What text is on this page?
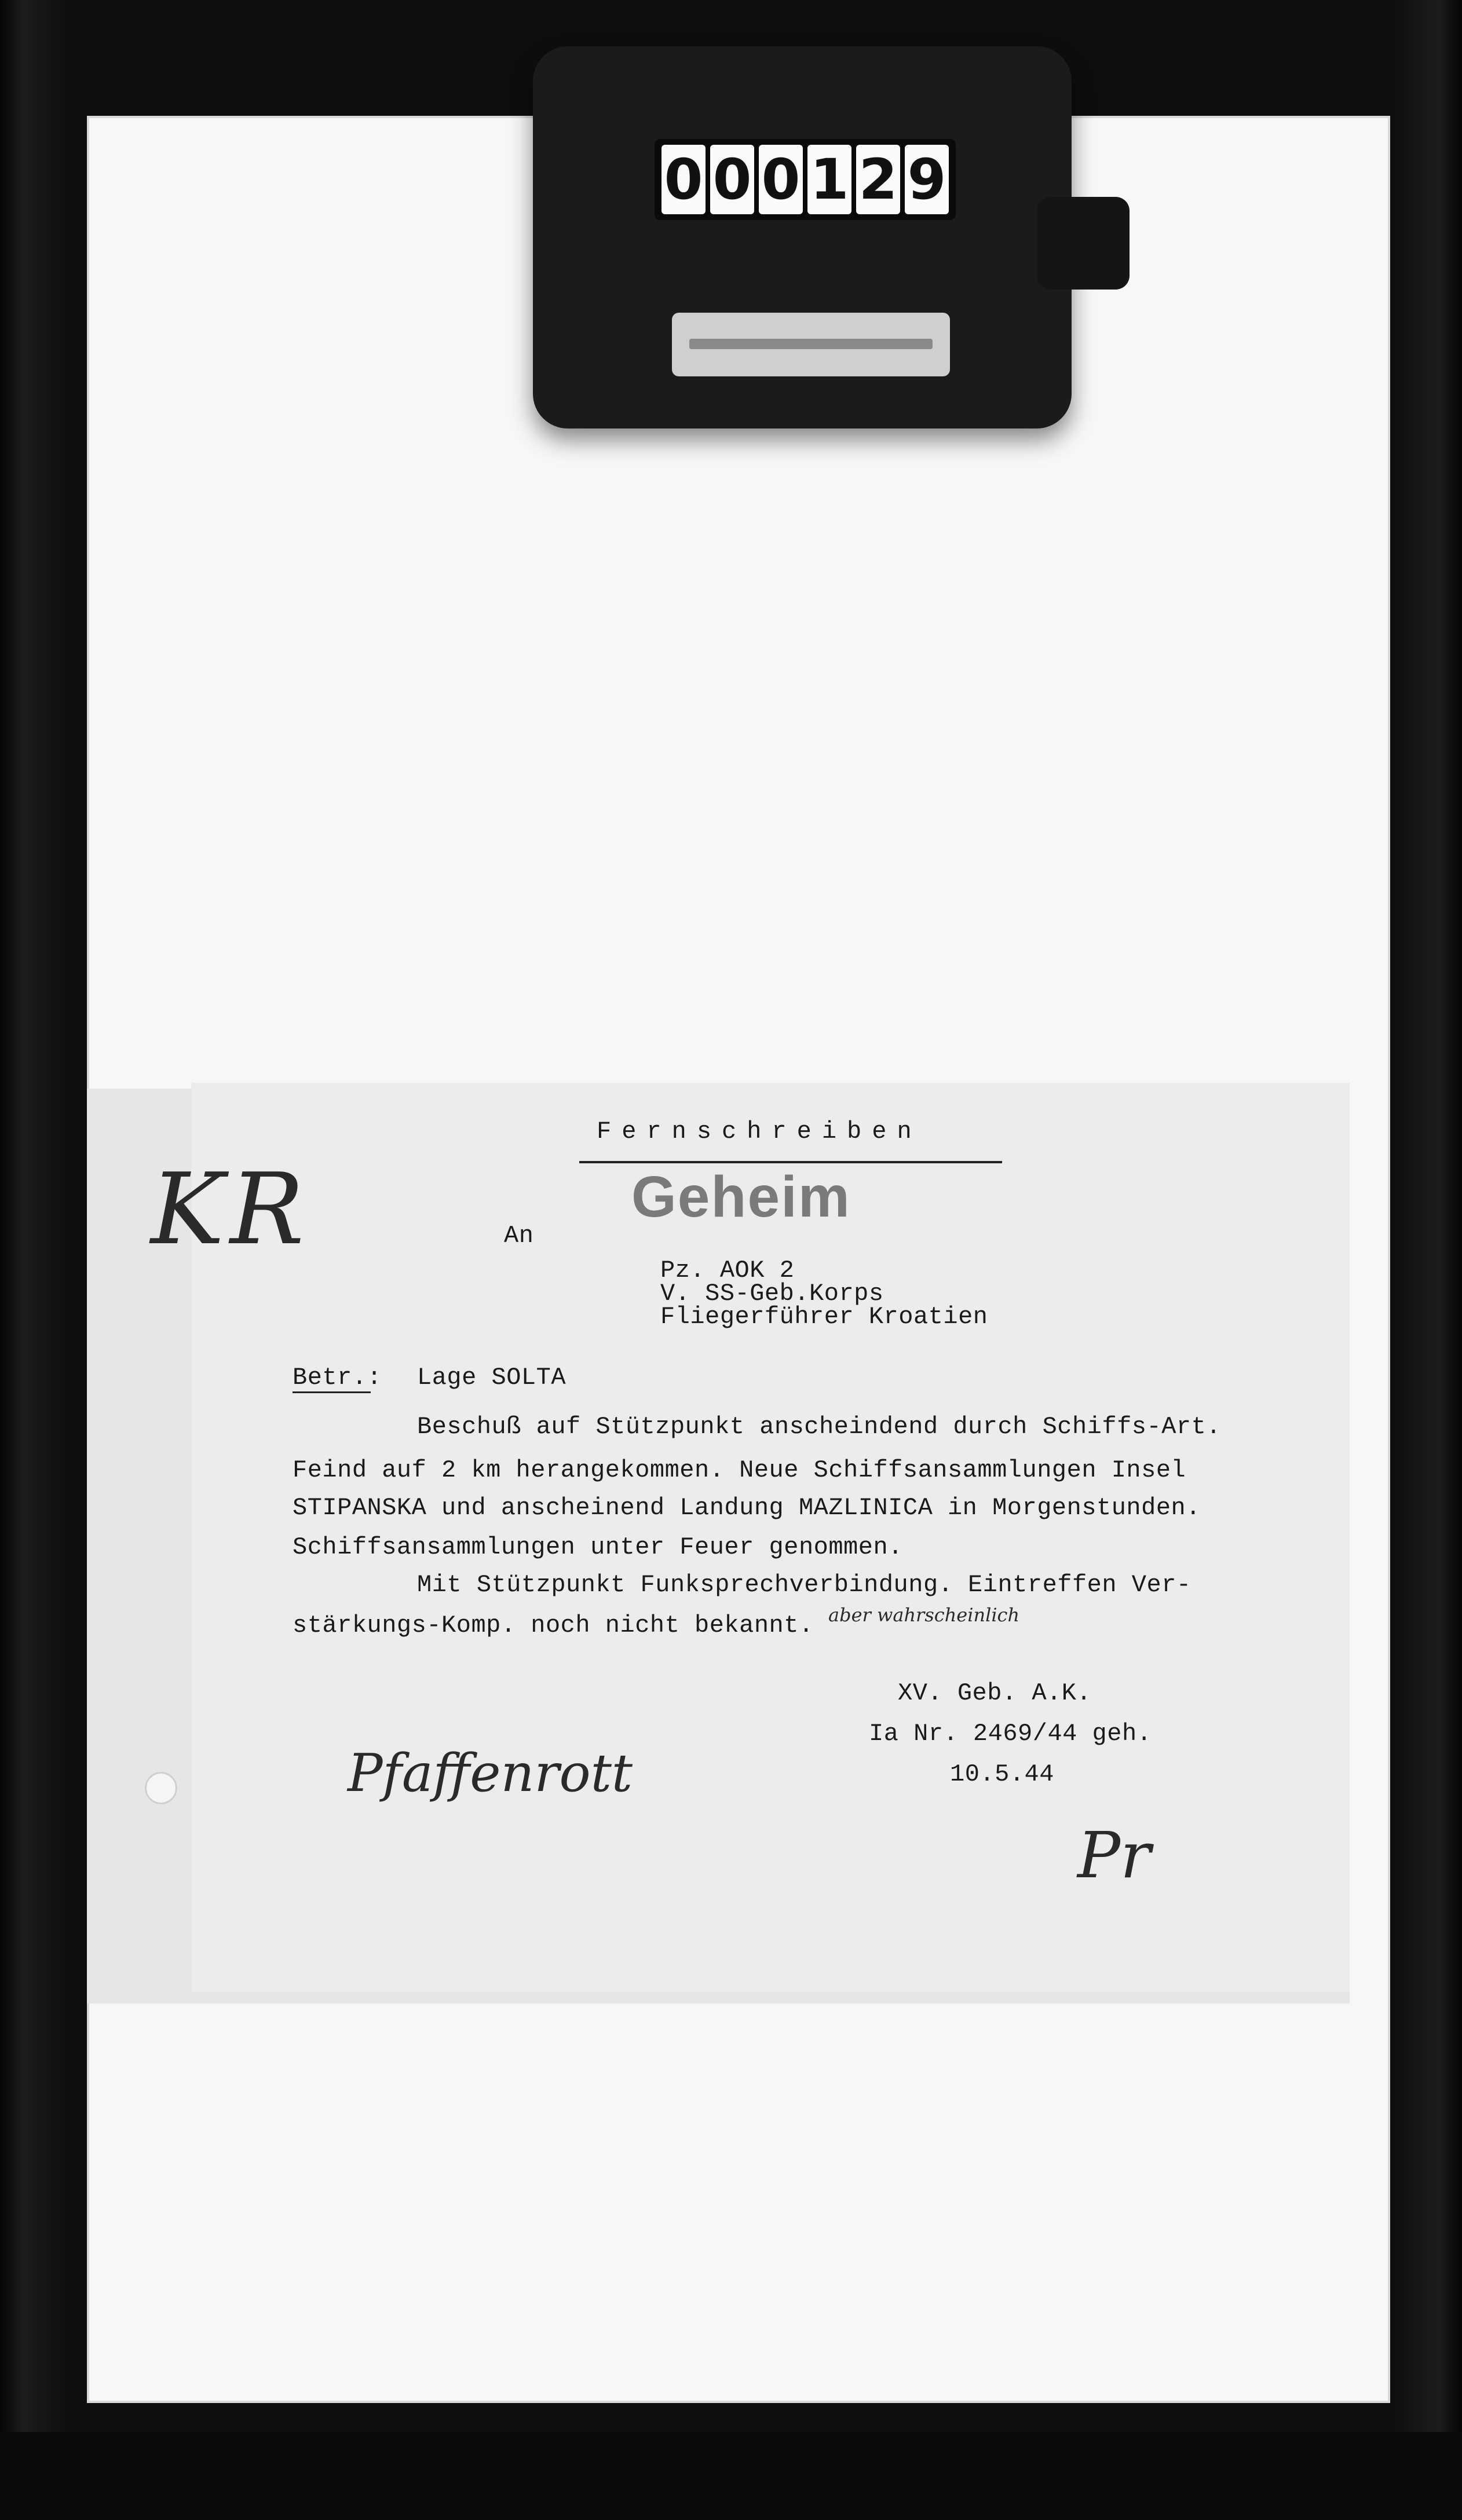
0 0 0 1 2 9
Fernschreiben
Geheim
KR	An
Pz. AOK 2
V. SS-Geb.Korps
Fliegerführer Kroatien
Betr.: Lage SOLTA
Beschuß auf Stützpunkt anscheindend durch Schiffs-Art.
Feind auf 2 km herangekommen. Neue Schiffsansammlungen Insel
STIPANSKA und anscheinend Landung MAZLINICA in Morgenstunden.
Schiffsansammlungen unter Feuer genommen.
Mit Stützpunkt Funksprechverbindung. Eintreffen Ver-
stärkungs-Komp. noch nicht bekannt. aber wahrscheinlich
XV. Geb. A.K.
Ia Nr. 2469/44 geh.
10.5.44
Pfaffenrott
Pr
